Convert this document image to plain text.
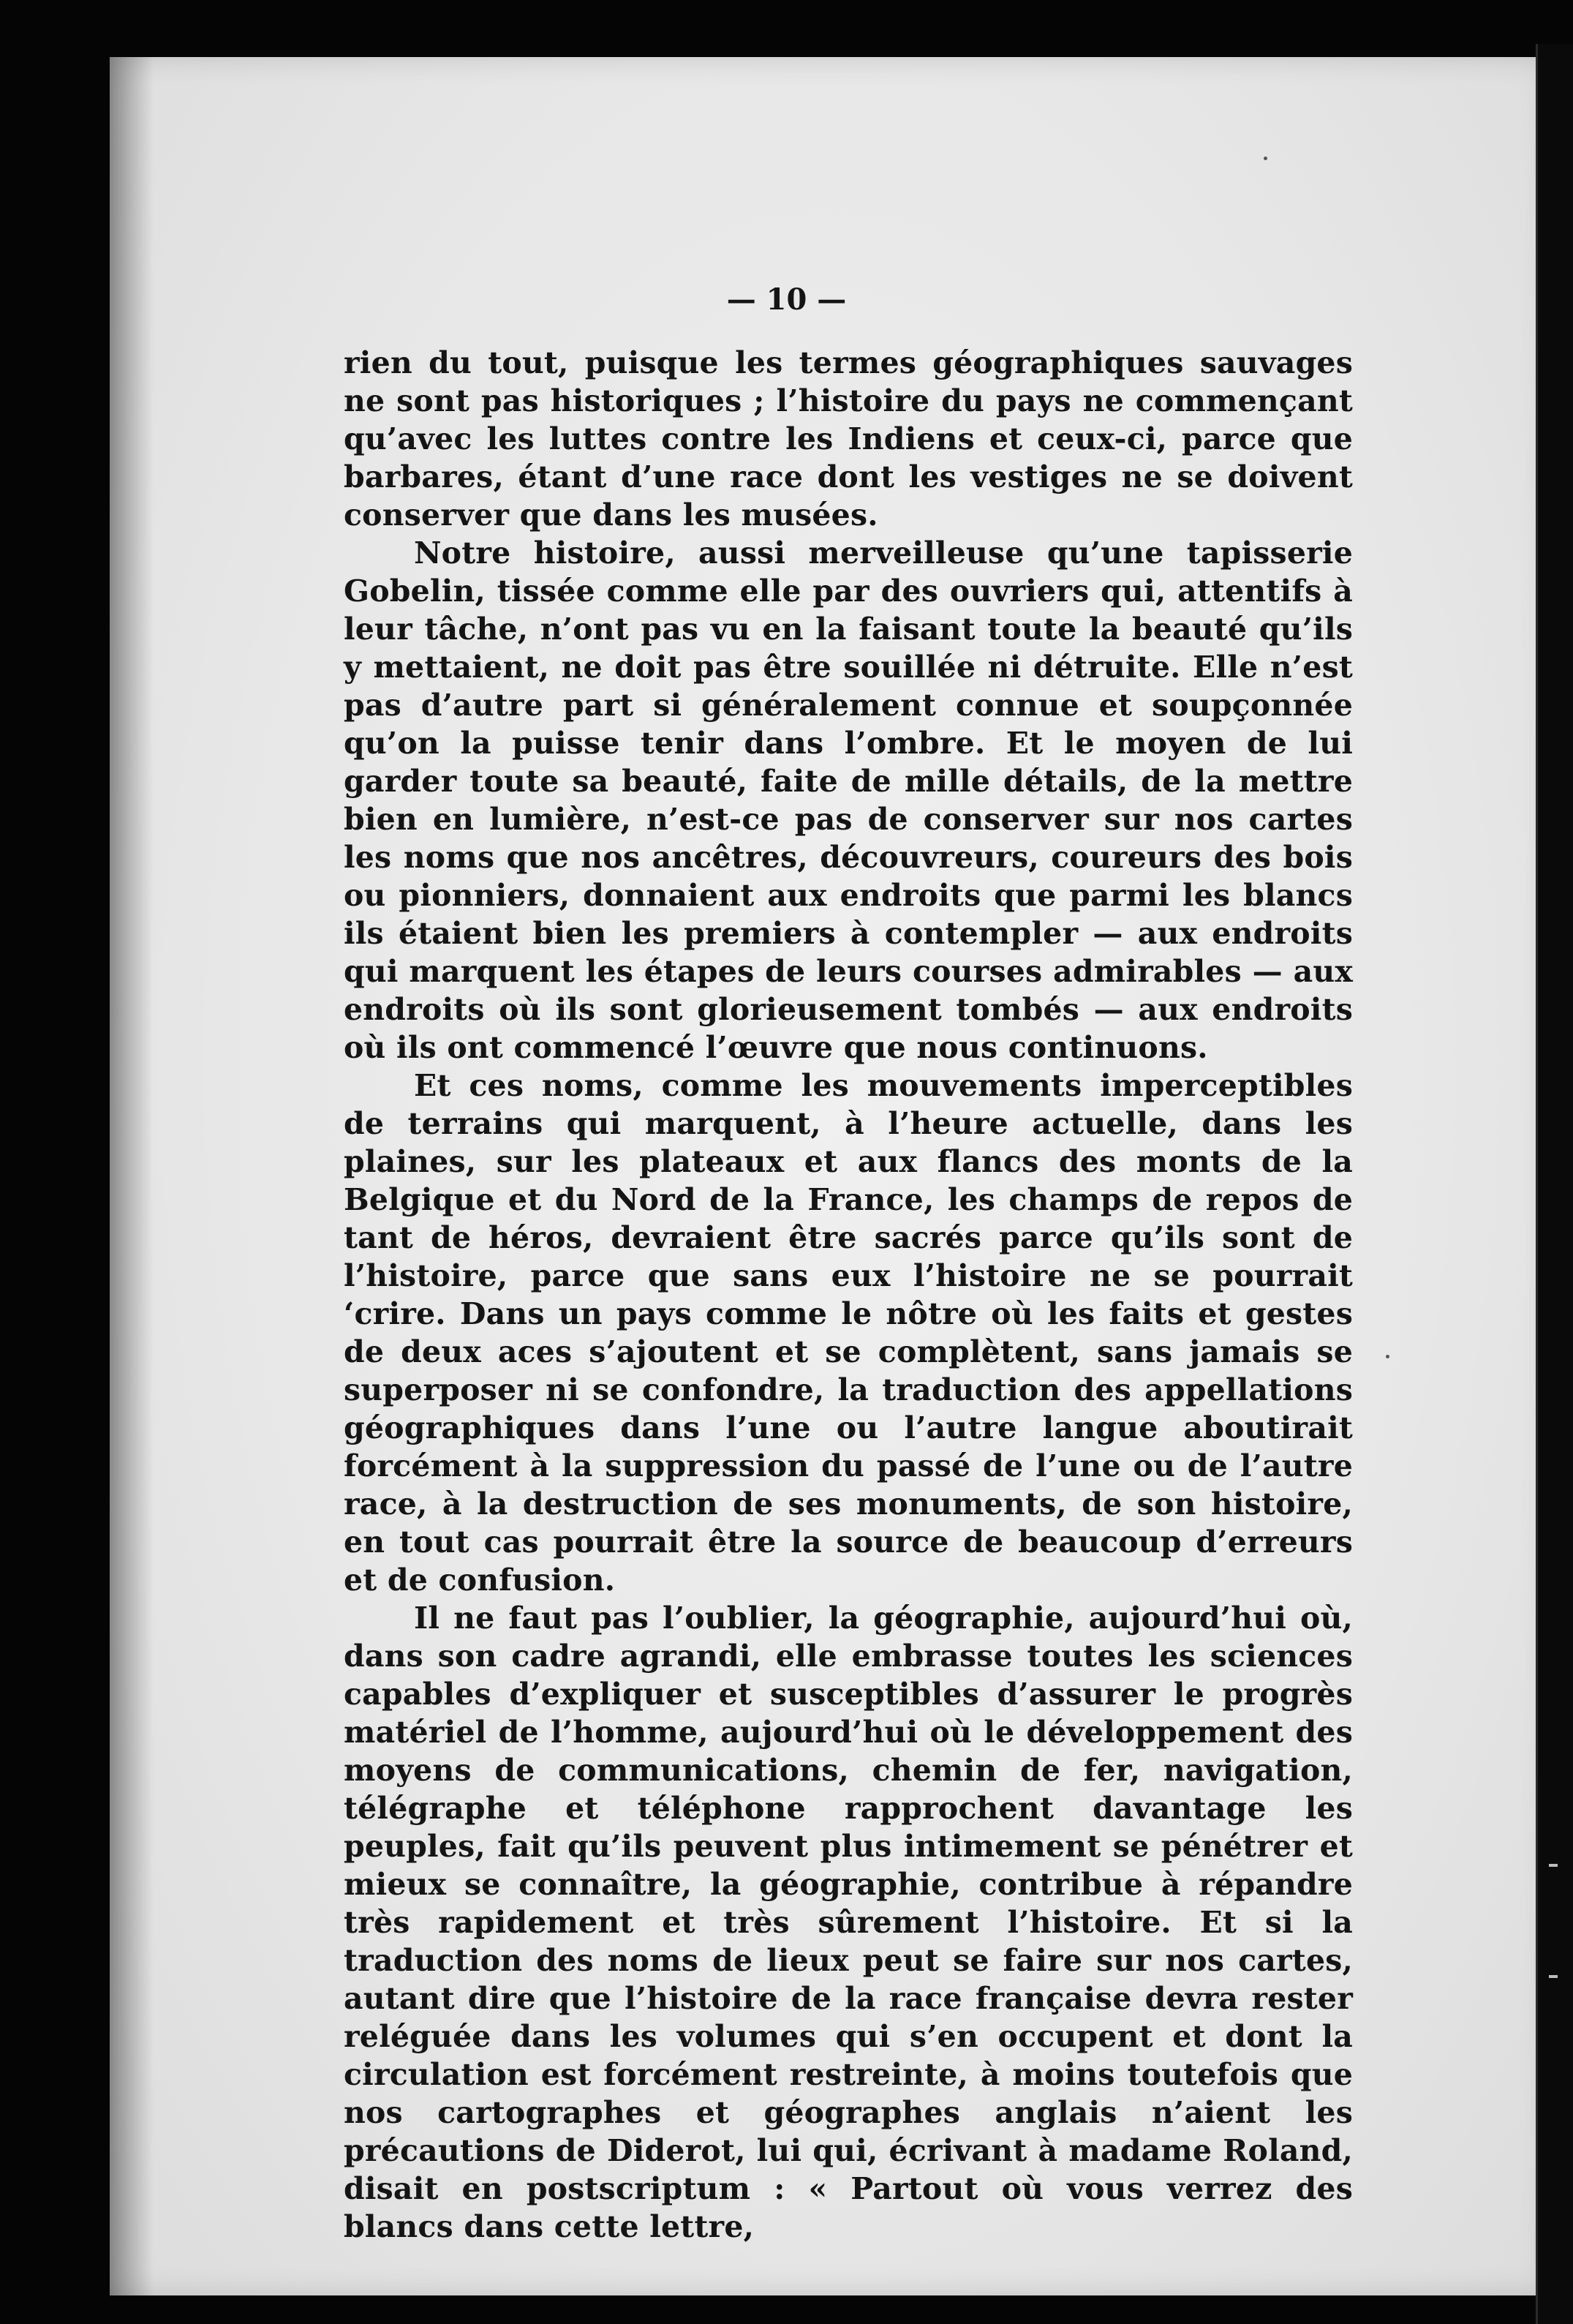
— 10 —

rien du tout, puisque les termes géographiques sauvages ne sont pas historiques ; l’histoire du pays ne commençant qu’avec les luttes contre les Indiens et ceux-ci, parce que barbares, étant d’une race dont les vestiges ne se doivent conserver que dans les musées.

Notre histoire, aussi merveilleuse qu’une tapisserie Gobelin, tissée comme elle par des ouvriers qui, attentifs à leur tâche, n’ont pas vu en la faisant toute la beauté qu’ils y mettaient, ne doit pas être souillée ni détruite. Elle n’est pas d’autre part si généralement connue et soupçonnée qu’on la puisse tenir dans l’ombre. Et le moyen de lui garder toute sa beauté, faite de mille détails, de la mettre bien en lumière, n’est-ce pas de conserver sur nos cartes les noms que nos ancêtres, découvreurs, coureurs des bois ou pionniers, donnaient aux endroits que parmi les blancs ils étaient bien les premiers à contempler — aux endroits qui marquent les étapes de leurs courses admirables — aux endroits où ils sont glorieusement tombés — aux endroits où ils ont commencé l’œuvre que nous continuons.

Et ces noms, comme les mouvements imperceptibles de terrains qui marquent, à l’heure actuelle, dans les plaines, sur les plateaux et aux flancs des monts de la Belgique et du Nord de la France, les champs de repos de tant de héros, devraient être sacrés parce qu’ils sont de l’histoire, parce que sans eux l’histoire ne se pourrait ‘crire. Dans un pays comme le nôtre où les faits et gestes de deux aces s’ajoutent et se complètent, sans jamais se superposer ni se confondre, la traduction des appellations géographiques dans l’une ou l’autre langue aboutirait forcément à la suppression du passé de l’une ou de l’autre race, à la destruction de ses monuments, de son histoire, en tout cas pourrait être la source de beaucoup d’erreurs et de confusion.

Il ne faut pas l’oublier, la géographie, aujourd’hui où, dans son cadre agrandi, elle embrasse toutes les sciences capables d’expliquer et susceptibles d’assurer le progrès matériel de l’homme, aujourd’hui où le développement des moyens de communications, chemin de fer, navigation, télégraphe et téléphone rapprochent davantage les peuples, fait qu’ils peuvent plus intimement se pénétrer et mieux se connaître, la géographie, contribue à répandre très rapidement et très sûrement l’histoire. Et si la traduction des noms de lieux peut se faire sur nos cartes, autant dire que l’histoire de la race française devra rester reléguée dans les volumes qui s’en occupent et dont la circulation est forcément restreinte, à moins toutefois que nos cartographes et géographes anglais n’aient les précautions de Diderot, lui qui, écrivant à madame Roland, disait en postscriptum : « Partout où vous verrez des blancs dans cette lettre,
